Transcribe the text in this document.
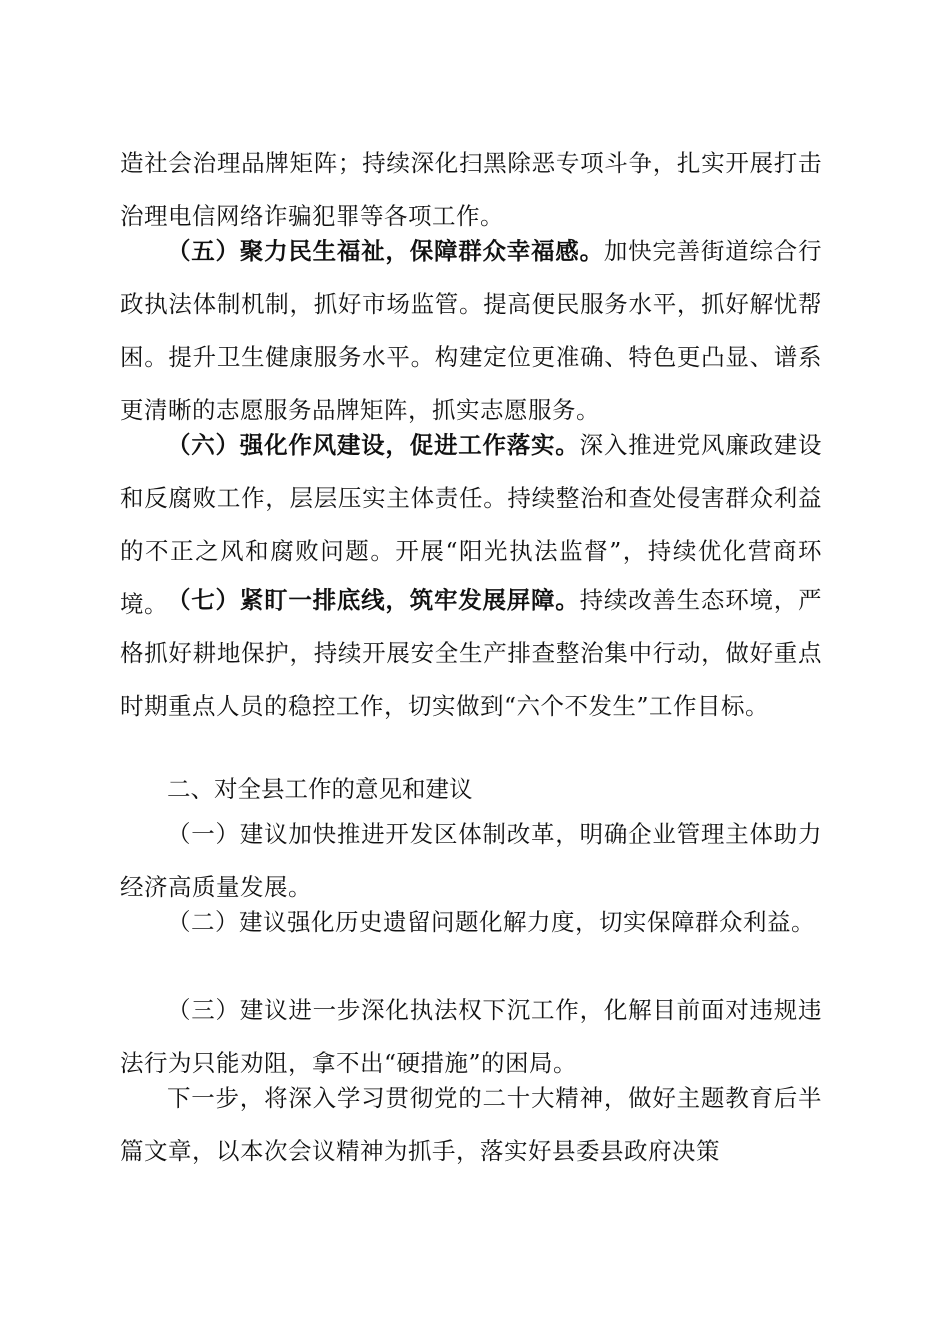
造社会治理品牌矩阵；持续深化扫黑除恶专项斗争，扎实开展打击治理电信网络诈骗犯罪等各项工作。

（五）聚力民生福祉，保障群众幸福感。加快完善街道综合行政执法体制机制，抓好市场监管。提高便民服务水平，抓好解忧帮困。提升卫生健康服务水平。构建定位更准确、特色更凸显、谱系更清晰的志愿服务品牌矩阵，抓实志愿服务。

（六）强化作风建设，促进工作落实。深入推进党风廉政建设和反腐败工作，层层压实主体责任。持续整治和查处侵害群众利益的不正之风和腐败问题。开展“阳光执法监督”，持续优化营商环境。 （七）紧盯一排底线，筑牢发展屏障。持续改善生态环境，严格抓好耕地保护，持续开展安全生产排查整治集中行动，做好重点时期重点人员的稳控工作，切实做到“六个不发生”工作目标。

二、对全县工作的意见和建议

（一）建议加快推进开发区体制改革，明确企业管理主体助力经济高质量发展。

（二）建议强化历史遗留问题化解力度，切实保障群众利益。

（三）建议进一步深化执法权下沉工作，化解目前面对违规违法行为只能劝阻，拿不出“硬措施”的困局。

下一步，将深入学习贯彻党的二十大精神，做好主题教育后半篇文章，以本次会议精神为抓手，落实好县委县政府决策
